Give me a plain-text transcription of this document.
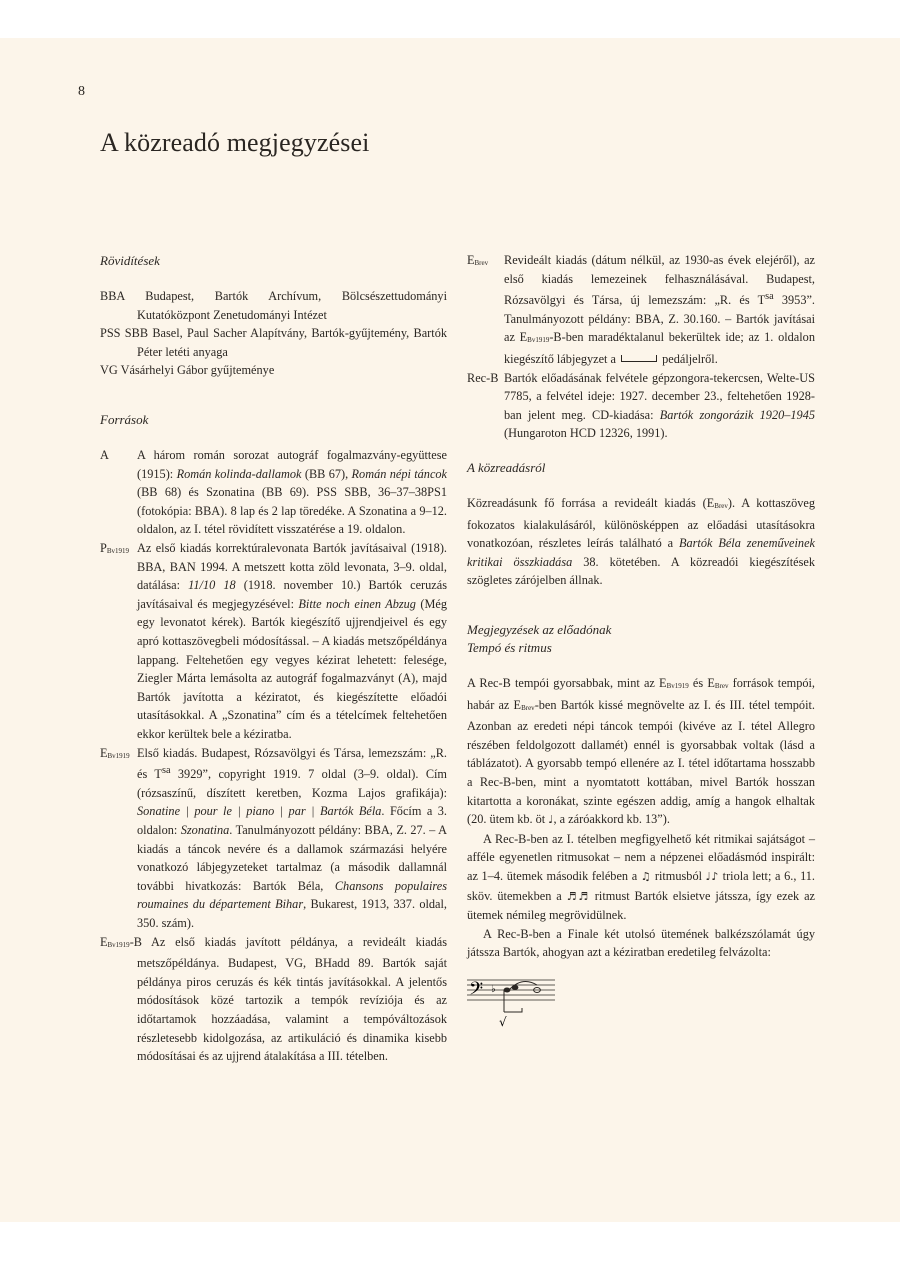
8
A közreadó megjegyzései
Rövidítések
BBA Budapest, Bartók Archívum, Bölcsészettudományi Kutatóközpont Zenetudományi Intézet
PSS SBB Basel, Paul Sacher Alapítvány, Bartók-gyűjtemény, Bartók Péter letéti anyaga
VG Vásárhelyi Gábor gyűjteménye
Források
A	A három román sorozat autográf fogalmazvány-együttese (1915): Román kolinda-dallamok (BB 67), Román népi táncok (BB 68) és Szonatina (BB 69). PSS SBB, 36–37–38PS1 (fotokópia: BBA). 8 lap és 2 lap töredéke. A Szonatina a 9–12. oldalon, az I. tétel rövidített visszatérése a 19. oldalon.
$P_{Bv1919}$ Az első kiadás korrektúralevonata Bartók javításaival (1918). BBA, BAN 1994. A metszett kotta zöld levonata, 3–9. oldal, datálása: 11/10 18 (1918. november 10.) Bartók ceruzás javításaival és megjegyzésével: Bitte noch einen Abzug (Még egy levonatot kérek). Bartók kiegészítő ujjrendjeivel és egy apró kottaszövegbeli módosítással. – A kiadás metszőpéldánya lappang. Feltehetően egy vegyes kézirat lehetett: felesége, Ziegler Márta lemásolta az autográf fogalmazványt (A), majd Bartók javította a kéziratot, és kiegészítette előadói utasításokkal. A „Szonatina” cím és a tételcímek feltehetően ekkor kerültek bele a kéziratba.
$E_{Bv1919}$ Első kiadás. Budapest, Rózsavölgyi és Társa, lemezszám: „R. és $T^{sa}$ 3929”, copyright 1919. 7 oldal (3–9. oldal). Cím (rózsaszínű, díszített keretben, Kozma Lajos grafikája): Sonatine | pour le | piano | par | Bartók Béla. Főcím a 3. oldalon: Szonatina. Tanulmányozott példány: BBA, Z. 27. – A kiadás a táncok nevére és a dallamok származási helyére vonatkozó lábjegyzeteket tartalmaz (a második dallamnál további hivatkozás: Bartók Béla, Chansons populaires roumaines du département Bihar, Bukarest, 1913, 337. oldal, 350. szám).
$E_{Bv1919}-B$ Az első kiadás javított példánya, a revideált kiadás metszőpéldánya. Budapest, VG, BHadd 89. Bartók saját példánya piros ceruzás és kék tintás javításokkal. A jelentős módosítások közé tartozik a tempók revíziója és az időtartamok hozzáadása, valamint a tempóváltozások részletesebb kidolgozása, az artikuláció és dinamika kisebb módosításai és az ujjrend átalakítása a III. tételben.
$E_{Brev}$	Revideált kiadás (dátum nélkül, az 1930-as évek elejéről), az első kiadás lemezeinek felhasználásával. Budapest, Rózsavölgyi és Társa, új lemezszám: „R. és $T^{sa}$ 3953”. Tanulmányozott példány: BBA, Z. 30.160. – Bartók javításai az $E_{Bv1919}-B$-ben maradéktalanul bekerültek ide; az 1. oldalon kiegészítő lábjegyzet a	pedáljelről.
Rec-B Bartók előadásának felvétele gépzongora-tekercsen, Welte-US 7785, a felvétel ideje: 1927. december 23., feltehetően 1928-ban jelent meg. CD-kiadása: Bartók zongorázik 1920–1945 (Hungaroton HCD 12326, 1991).
A közreadásról

Közreadásunk fő forrása a revideált kiadás $(E_{Brev})$. A kottaszöveg fokozatos kialakulásáról, különösképpen az előadási utasításokra vonatkozóan, részletes leírás található a Bartók Béla zeneműveinek kritikai összkiadása 38. kötetében. A közreadói kiegészítések szögletes zárójelben állnak.

Megjegyzések az előadónak
Tempó és ritmus

A Rec-B tempói gyorsabbak, mint az $E_{Bv1919}$ és $E_{Brev}$ források tempói, habár az $E_{Brev}$-ben Bartók kissé megnövelte az I. és III. tétel tempóit. Azonban az eredeti népi táncok tempói (kivéve az I. tétel Allegro részében feldolgozott dallamét) ennél is gyorsabbak voltak (lásd a táblázatot). A gyorsabb tempó ellenére az I. tétel időtartama hosszabb a Rec-B-ben, mint a nyomtatott kottában, mivel Bartók hosszan kitartotta a koronákat, szinte egészen addig, amíg a hangok elhaltak (20. ütem kb. öt ♩, a záróakkord kb. 13”).

A Rec-B-ben az I. tételben megfigyelhető két ritmikai sajátságot – afféle egyenetlen ritmusokat – nem a népzenei előadásmód inspirált: az 1–4. ütemek második felében a ♫ ritmusból ♩♪ triola lett; a 6., 11. sköv. ütemekben a ♬♬ ritmust Bartók elsietve játssza, így ezek az ütemek némileg megrövidülnek.

A Rec-B-ben a Finale két utolsó ütemének balkézszólamát úgy játssza Bartók, ahogyan azt a kéziratban eredetileg felvázolta:

𝄢 ♭
√
